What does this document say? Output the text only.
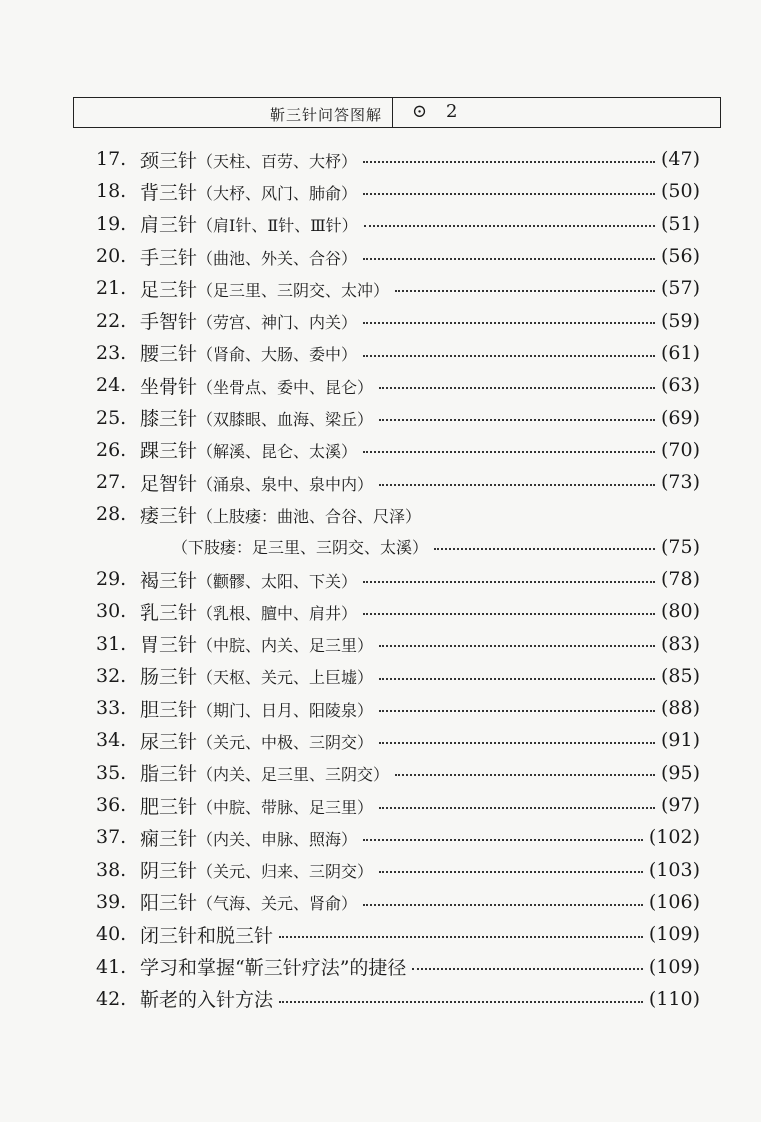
靳三针问答图解 ⊙ 2
17. 颈三针（天柱、百劳、大杼）	(47)
18. 背三针（大杼、风门、肺俞）	(50)
19. 肩三针（肩Ⅰ针、Ⅱ针、Ⅲ针）	(51)
20. 手三针（曲池、外关、合谷）	(56)
21. 足三针（足三里、三阴交、太冲）	(57)
22. 手智针（劳宫、神门、内关）	(59)
23. 腰三针（肾俞、大肠、委中）	(61)
24. 坐骨针（坐骨点、委中、昆仑）	(63)
25. 膝三针（双膝眼、血海、梁丘）	(69)
26. 踝三针（解溪、昆仑、太溪）	(70)
27. 足智针（涌泉、泉中、泉中内）	(73)
28. 痿三针（上肢痿：曲池、合谷、尺泽）
（下肢痿：足三里、三阴交、太溪）	(75)
29. 褐三针（颧髎、太阳、下关）	(78)
30. 乳三针（乳根、膻中、肩井）	(80)
31. 胃三针（中脘、内关、足三里）	(83)
32. 肠三针（天枢、关元、上巨墟）	(85)
33. 胆三针（期门、日月、阳陵泉）	(88)
34. 尿三针（关元、中极、三阴交）	(91)
35. 脂三针（内关、足三里、三阴交）	(95)
36. 肥三针（中脘、带脉、足三里）	(97)
37. 痫三针（内关、申脉、照海）	(102)
38. 阴三针（关元、归来、三阴交）	(103)
39. 阳三针（气海、关元、肾俞）	(106)
40. 闭三针和脱三针	(109)
41. 学习和掌握“靳三针疗法”的捷径	(109)
42. 靳老的入针方法	(110)
